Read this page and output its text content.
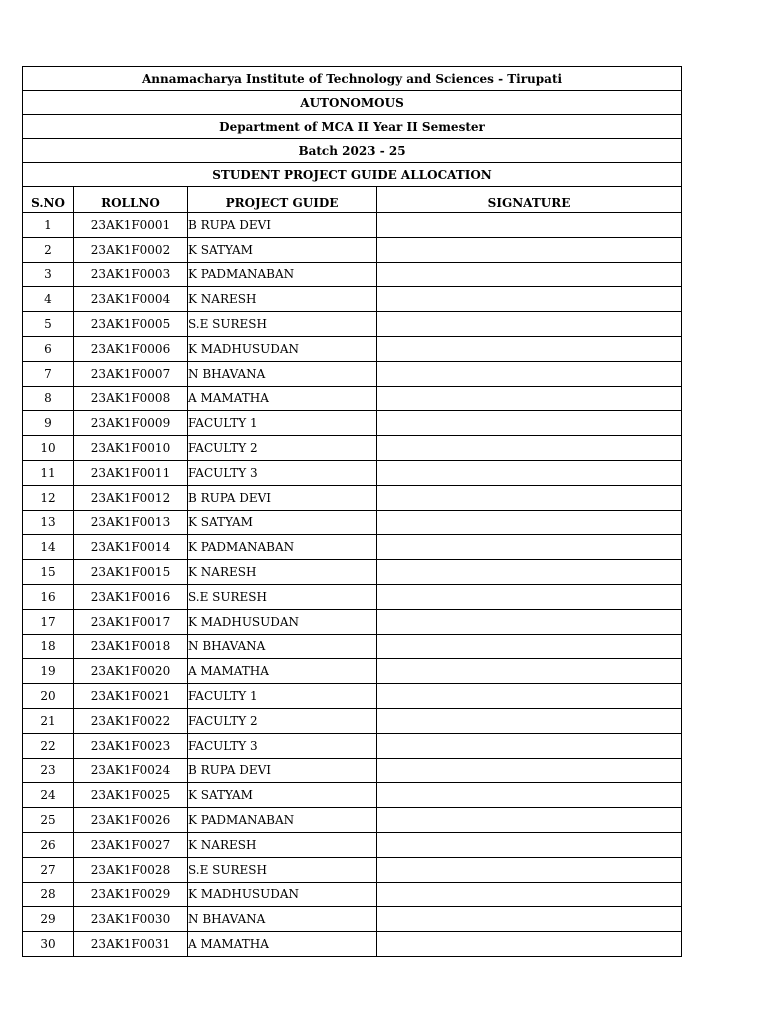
Annamacharya Institute of Technology and Sciences - Tirupati			
AUTONOMOUS			
Department of MCA II Year II Semester			
Batch 2023 - 25			
STUDENT PROJECT GUIDE ALLOCATION			
S.NO	ROLLNO	PROJECT GUIDE	SIGNATURE
1	23AK1F0001	B RUPA DEVI	
2	23AK1F0002	K SATYAM	
3	23AK1F0003	K PADMANABAN	
4	23AK1F0004	K NARESH	
5	23AK1F0005	S.E SURESH	
6	23AK1F0006	K MADHUSUDAN	
7	23AK1F0007	N BHAVANA	
8	23AK1F0008	A MAMATHA	
9	23AK1F0009	FACULTY 1	
10	23AK1F0010	FACULTY 2	
11	23AK1F0011	FACULTY 3	
12	23AK1F0012	B RUPA DEVI	
13	23AK1F0013	K SATYAM	
14	23AK1F0014	K PADMANABAN	
15	23AK1F0015	K NARESH	
16	23AK1F0016	S.E SURESH	
17	23AK1F0017	K MADHUSUDAN	
18	23AK1F0018	N BHAVANA	
19	23AK1F0020	A MAMATHA	
20	23AK1F0021	FACULTY 1	
21	23AK1F0022	FACULTY 2	
22	23AK1F0023	FACULTY 3	
23	23AK1F0024	B RUPA DEVI	
24	23AK1F0025	K SATYAM	
25	23AK1F0026	K PADMANABAN	
26	23AK1F0027	K NARESH	
27	23AK1F0028	S.E SURESH	
28	23AK1F0029	K MADHUSUDAN	
29	23AK1F0030	N BHAVANA	
30	23AK1F0031	A MAMATHA	
